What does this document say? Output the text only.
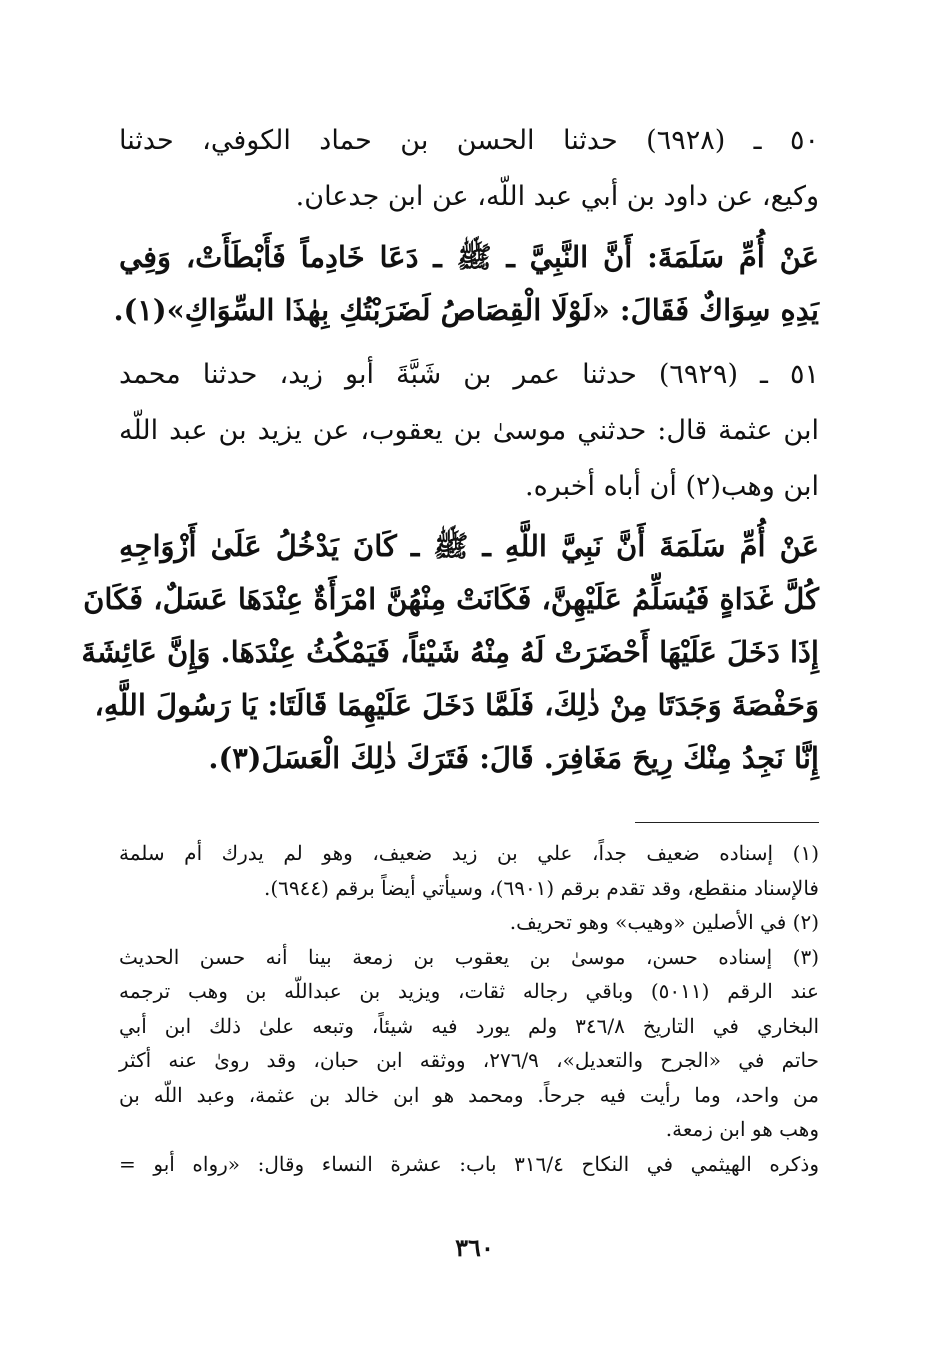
٥٠ ـ (٦٩٢٨) حدثنا الحسن بن حماد الكوفي، حدثنا
وكيع، عن داود بن أبي عبد اللّه، عن ابن جدعان.
عَنْ أُمِّ سَلَمَةَ: أَنَّ النَّبِيَّ ـ ﷺ ـ دَعَا خَادِماً فَأَبْطَأَتْ، وَفِي
يَدِهِ سِوَاكٌ فَقَالَ: «لَوْلَا الْقِصَاصُ لَضَرَبْتُكِ بِهٰذَا السِّوَاكِ»(١).
٥١ ـ (٦٩٢٩) حدثنا عمر بن شَبَّةَ أبو زيد، حدثنا محمد
ابن عثمة قال: حدثني موسىٰ بن يعقوب، عن يزيد بن عبد اللّه
ابن وهب(٢) أن أباه أخبره.
عَنْ أُمِّ سَلَمَةَ أَنَّ نَبِيَّ اللَّهِ ـ ﷺ ـ كَانَ يَدْخُلُ عَلَىٰ أَزْوَاجِهِ
كُلَّ غَدَاةٍ فَيُسَلِّمُ عَلَيْهِنَّ، فَكَانَتْ مِنْهُنَّ امْرَأَةٌ عِنْدَهَا عَسَلٌ، فَكَانَ
إِذَا دَخَلَ عَلَيْهَا أَحْضَرَتْ لَهُ مِنْهُ شَيْئاً، فَيَمْكُثُ عِنْدَهَا. وَإِنَّ عَائِشَةَ
وَحَفْصَةَ وَجَدَتَا مِنْ ذٰلِكَ، فَلَمَّا دَخَلَ عَلَيْهِمَا قَالَتَا: يَا رَسُولَ اللَّهِ،
إِنَّا نَجِدُ مِنْكَ رِيحَ مَغَافِرَ. قَالَ: فَتَرَكَ ذٰلِكَ الْعَسَلَ(٣).
(١) إسناده ضعيف جداً، علي بن زيد ضعيف، وهو لم يدرك أم سلمة
فالإسناد منقطع، وقد تقدم برقم (٦٩٠١)، وسيأتي أيضاً برقم (٦٩٤٤).
(٢) في الأصلين «وهيب» وهو تحريف.
(٣) إسناده حسن، موسىٰ بن يعقوب بن زمعة بينا أنه حسن الحديث
عند الرقم (٥٠١١) وباقي رجاله ثقات، ويزيد بن عبداللّه بن وهب ترجمه
البخاري في التاريخ ٣٤٦/٨ ولم يورد فيه شيئاً، وتبعه علىٰ ذلك ابن أبي
حاتم في «الجرح والتعديل»، ٢٧٦/٩، ووثقه ابن حبان، وقد روىٰ عنه أكثر
من واحد، وما رأيت فيه جرحاً. ومحمد هو ابن خالد بن عثمة، وعبد اللّه بن
وهب هو ابن زمعة.
وذكره الهيثمي في النكاح ٣١٦/٤ باب: عشرة النساء وقال: «رواه أبو =
٣٦٠
